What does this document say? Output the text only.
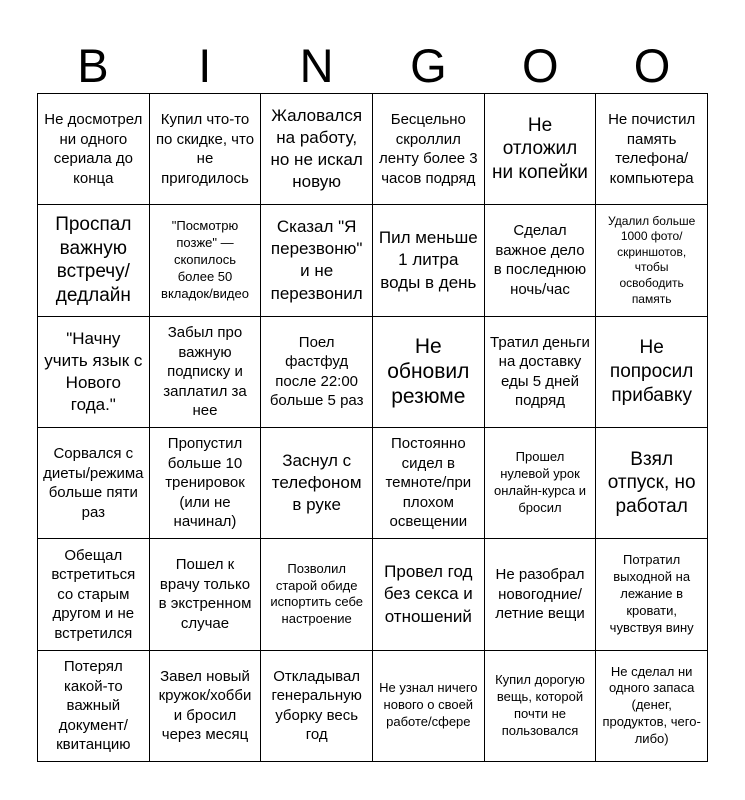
B	I	N	G	O	O
Не досмотрел ни одного сериала до конца
Купил что-то по скидке, что не пригодилось
Жаловался на работу, но не искал новую
Бесцельно скроллил ленту более 3 часов подряд
Не отложил ни копейки
Не почистил память телефона/компьютера
Проспал важную встречу/дедлайн
"Посмотрю позже" — скопилось более 50 вкладок/видео
Сказал "Я перезвоню" и не перезвонил
Пил меньше 1 литра воды в день
Сделал важное дело в последнюю ночь/час
Удалил больше 1000 фото/скриншотов, чтобы освободить память
"Начну учить язык с Нового года."
Забыл про важную подписку и заплатил за нее
Поел фастфуд после 22:00 больше 5 раз
Не обновил резюме
Тратил деньги на доставку еды 5 дней подряд
Не попросил прибавку
Сорвался с диеты/режима больше пяти раз
Пропустил больше 10 тренировок (или не начинал)
Заснул с телефоном в руке
Постоянно сидел в темноте/при плохом освещении
Прошел нулевой урок онлайн-курса и бросил
Взял отпуск, но работал
Обещал встретиться со старым другом и не встретился
Пошел к врачу только в экстренном случае
Позволил старой обиде испортить себе настроение
Провел год без секса и отношений
Не разобрал новогодние/летние вещи
Потратил выходной на лежание в кровати, чувствуя вину
Потерял какой-то важный документ/квитанцию
Завел новый кружок/хобби и бросил через месяц
Откладывал генеральную уборку весь год
Не узнал ничего нового о своей работе/сфере
Купил дорогую вещь, которой почти не пользовался
Не сделал ни одного запаса (денег, продуктов, чего-либо)
